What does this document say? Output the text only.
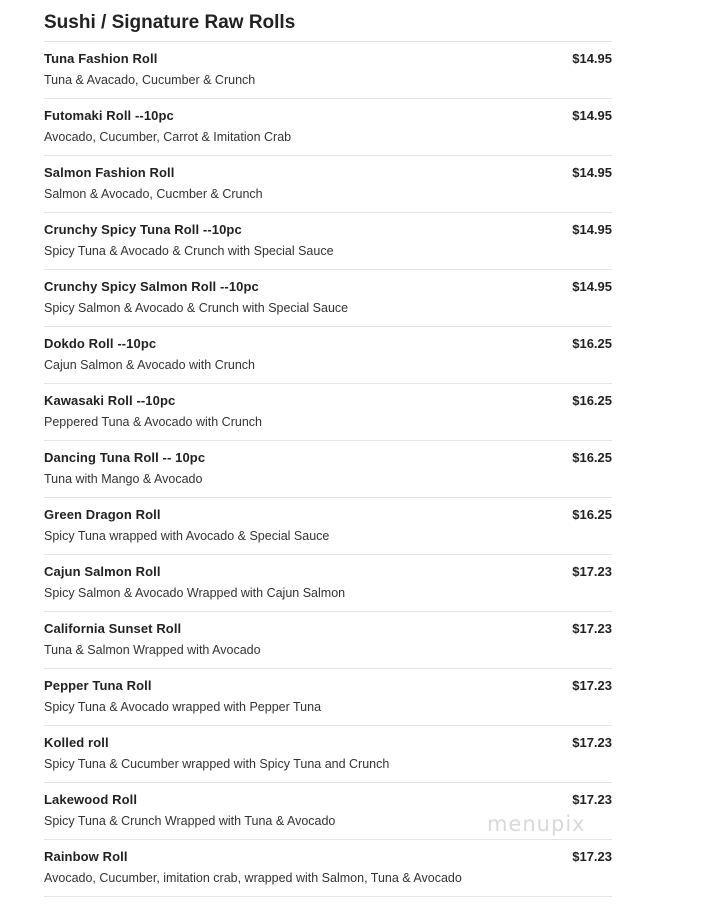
Sushi / Signature Raw Rolls
Tuna Fashion Roll
Tuna & Avacado, Cucumber & Crunch
$14.95
Futomaki Roll --10pc
Avocado, Cucumber, Carrot & Imitation Crab
$14.95
Salmon Fashion Roll
Salmon & Avocado, Cucmber & Crunch
$14.95
Crunchy Spicy Tuna Roll --10pc
Spicy Tuna & Avocado & Crunch with Special Sauce
$14.95
Crunchy Spicy Salmon Roll --10pc
Spicy Salmon & Avocado & Crunch with Special Sauce
$14.95
Dokdo Roll --10pc
Cajun Salmon & Avocado with Crunch
$16.25
Kawasaki Roll --10pc
Peppered Tuna & Avocado with Crunch
$16.25
Dancing Tuna Roll -- 10pc
Tuna with Mango & Avocado
$16.25
Green Dragon Roll
Spicy Tuna wrapped with Avocado & Special Sauce
$16.25
Cajun Salmon Roll
Spicy Salmon & Avocado Wrapped with Cajun Salmon
$17.23
California Sunset Roll
Tuna & Salmon Wrapped with Avocado
$17.23
Pepper Tuna Roll
Spicy Tuna & Avocado wrapped with Pepper Tuna
$17.23
Kolled roll
Spicy Tuna & Cucumber wrapped with Spicy Tuna and Crunch
$17.23
Lakewood Roll
Spicy Tuna & Crunch Wrapped with Tuna & Avocado
$17.23
Rainbow Roll
Avocado, Cucumber, imitation crab, wrapped with Salmon, Tuna & Avocado
$17.23
menupix
